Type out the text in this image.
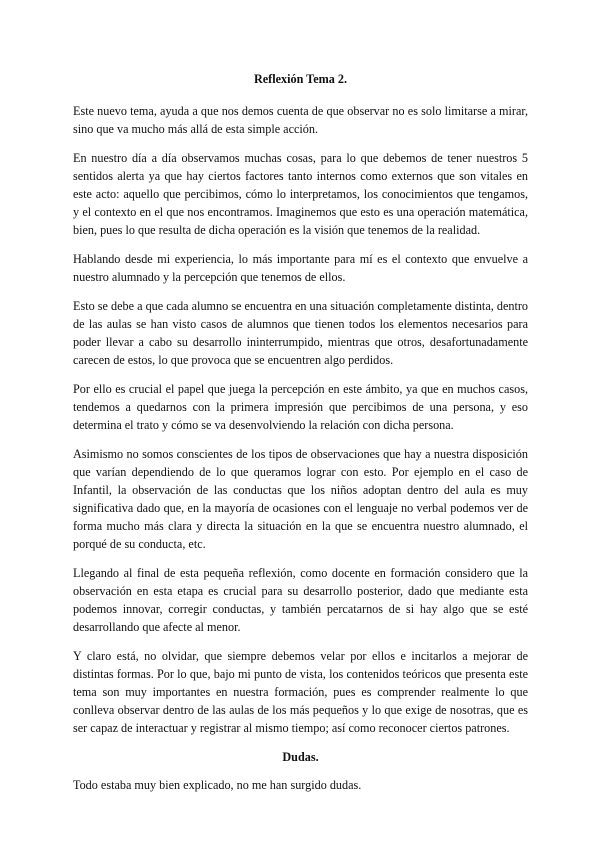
Reflexión Tema 2.

Este nuevo tema, ayuda a que nos demos cuenta de que observar no es solo limitarse a mirar, sino que va mucho más allá de esta simple acción.

En nuestro día a día observamos muchas cosas, para lo que debemos de tener nuestros 5 sentidos alerta ya que hay ciertos factores tanto internos como externos que son vitales en este acto: aquello que percibimos, cómo lo interpretamos, los conocimientos que tengamos, y el contexto en el que nos encontramos. Imaginemos que esto es una operación matemática, bien, pues lo que resulta de dicha operación es la visión que tenemos de la realidad.

Hablando desde mi experiencia, lo más importante para mí es el contexto que envuelve a nuestro alumnado y la percepción que tenemos de ellos.

Esto se debe a que cada alumno se encuentra en una situación completamente distinta, dentro de las aulas se han visto casos de alumnos que tienen todos los elementos necesarios para poder llevar a cabo su desarrollo ininterrumpido, mientras que otros, desafortunadamente carecen de estos, lo que provoca que se encuentren algo perdidos.

Por ello es crucial el papel que juega la percepción en este ámbito, ya que en muchos casos, tendemos a quedarnos con la primera impresión que percibimos de una persona, y eso determina el trato y cómo se va desenvolviendo la relación con dicha persona.

Asimismo no somos conscientes de los tipos de observaciones que hay a nuestra disposición que varían dependiendo de lo que queramos lograr con esto. Por ejemplo en el caso de Infantil, la observación de las conductas que los niños adoptan dentro del aula es muy significativa dado que, en la mayoría de ocasiones con el lenguaje no verbal podemos ver de forma mucho más clara y directa la situación en la que se encuentra nuestro alumnado, el porqué de su conducta, etc.

Llegando al final de esta pequeña reflexión, como docente en formación considero que la observación en esta etapa es crucial para su desarrollo posterior, dado que mediante esta podemos innovar, corregir conductas, y también percatarnos de si hay algo que se esté desarrollando que afecte al menor.

Y claro está, no olvidar, que siempre debemos velar por ellos e incitarlos a mejorar de distintas formas. Por lo que, bajo mi punto de vista, los contenidos teóricos que presenta este tema son muy importantes en nuestra formación, pues es comprender realmente lo que conlleva observar dentro de las aulas de los más pequeños y lo que exige de nosotras, que es ser capaz de interactuar y registrar al mismo tiempo; así como reconocer ciertos patrones.

Dudas.

Todo estaba muy bien explicado, no me han surgido dudas.
